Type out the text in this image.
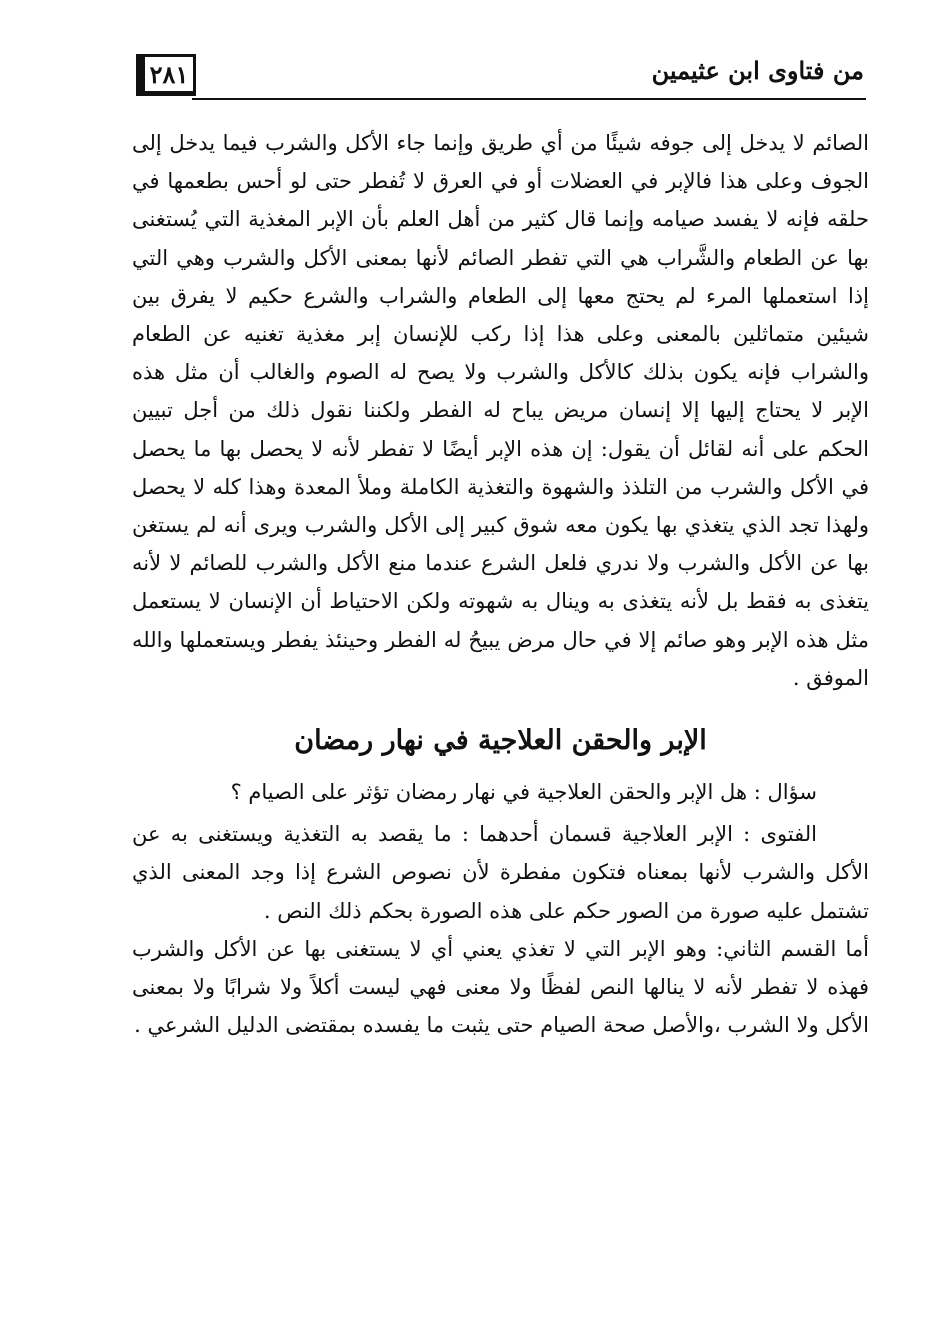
٢٨١	من فتاوى ابن عثيمين

الصائم لا يدخل إلى جوفه شيئًا من أي طريق وإنما جاء الأكل والشرب فيما يدخل إلى الجوف وعلى هذا فالإبر في العضلات أو في العرق لا تُفطر حتى لو أحس بطعمها في حلقه فإنه لا يفسد صيامه وإنما قال كثير من أهل العلم بأن الإبر المغذية التي يُستغنى بها عن الطعام والشَّراب هي التي تفطر الصائم لأنها بمعنى الأكل والشرب وهي التي إذا استعملها المرء لم يحتج معها إلى الطعام والشراب والشرع حكيم لا يفرق بين شيئين متماثلين بالمعنى وعلى هذا إذا ركب للإنسان إبر مغذية تغنيه عن الطعام والشراب فإنه يكون بذلك كالأكل والشرب ولا يصح له الصوم والغالب أن مثل هذه الإبر لا يحتاج إليها إلا إنسان مريض يباح له الفطر ولكننا نقول ذلك من أجل تبيين الحكم على أنه لقائل أن يقول: إن هذه الإبر أيضًا لا تفطر لأنه لا يحصل بها ما يحصل في الأكل والشرب من التلذذ والشهوة والتغذية الكاملة وملأ المعدة وهذا كله لا يحصل ولهذا تجد الذي يتغذي بها يكون معه شوق كبير إلى الأكل والشرب ويرى أنه لم يستغن بها عن الأكل والشرب ولا ندري فلعل الشرع عندما منع الأكل والشرب للصائم لا لأنه يتغذى به فقط بل لأنه يتغذى به وينال به شهوته ولكن الاحتياط أن الإنسان لا يستعمل مثل هذه الإبر وهو صائم إلا في حال مرض يبيحُ له الفطر وحينئذ يفطر ويستعملها والله الموفق .

الإبر والحقن العلاجية في نهار رمضان

سؤال : هل الإبر والحقن العلاجية في نهار رمضان تؤثر على الصيام ؟

الفتوى : الإبر العلاجية قسمان أحدهما : ما يقصد به التغذية ويستغنى به عن الأكل والشرب لأنها بمعناه فتكون مفطرة لأن نصوص الشرع إذا وجد المعنى الذي تشتمل عليه صورة من الصور حكم على هذه الصورة بحكم ذلك النص .

أما القسم الثاني: وهو الإبر التي لا تغذي يعني أي لا يستغنى بها عن الأكل والشرب فهذه لا تفطر لأنه لا ينالها النص لفظًا ولا معنى فهي ليست أكلاً ولا شرابًا ولا بمعنى الأكل ولا الشرب ،والأصل صحة الصيام حتى يثبت ما يفسده بمقتضى الدليل الشرعي .
